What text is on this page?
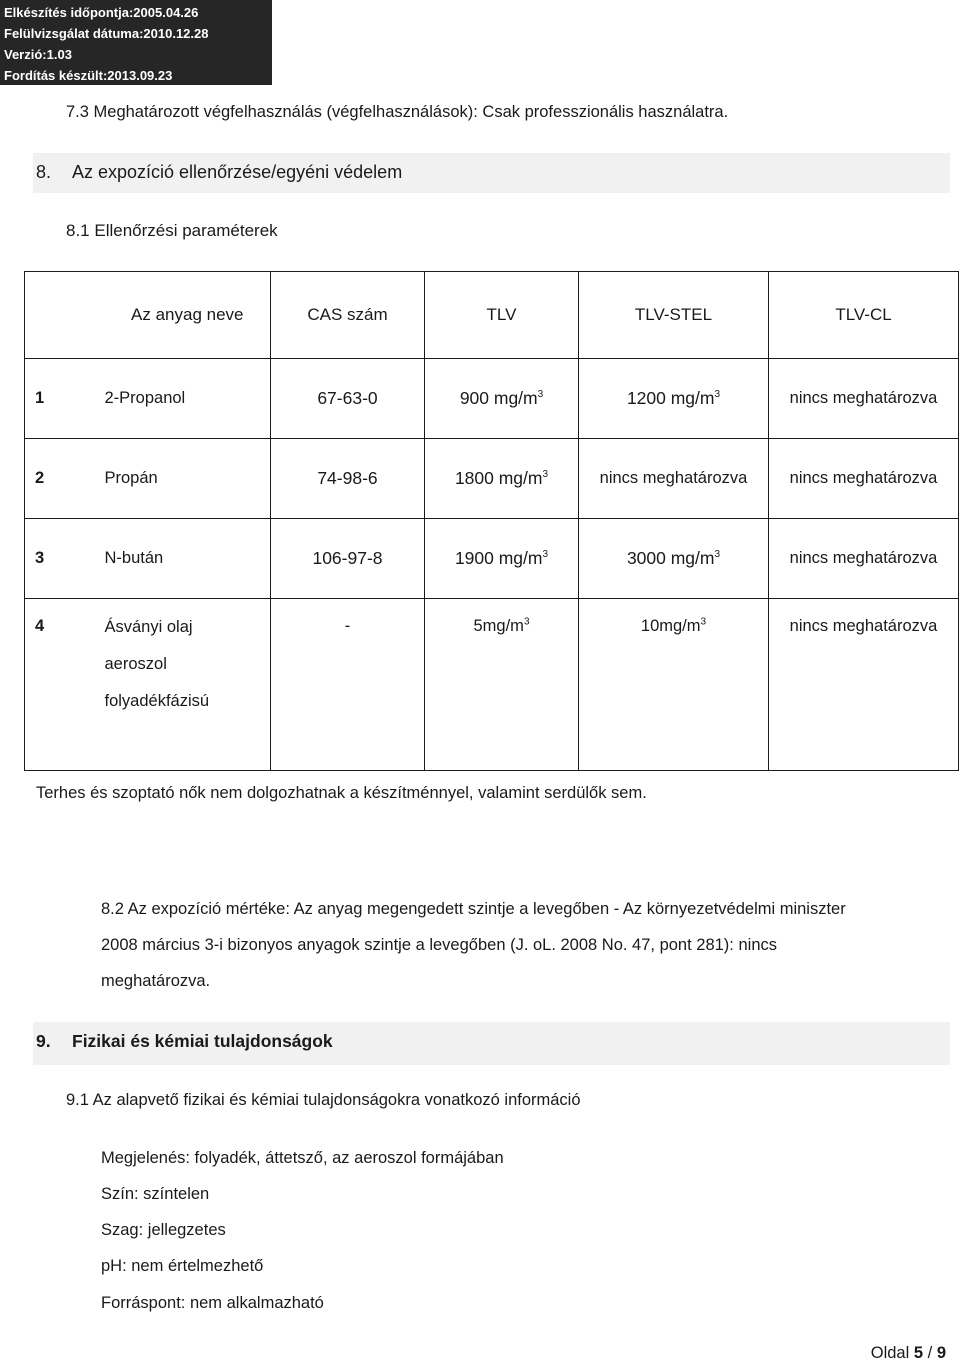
Elkészítés időpontja:2005.04.26
Felülvizsgálat dátuma:2010.12.28
Verzió:1.03
Fordítás készült:2013.09.23
7.3 Meghatározott végfelhasználás (végfelhasználások): Csak professzionális használatra.
8. Az expozíció ellenőrzése/egyéni védelem
8.1 Ellenőrzési paraméterek
	Az anyag neve	CAS szám	TLV	TLV-STEL	TLV-CL
1	2-Propanol	67-63-0	900 $mg/m^3$	1200 $mg/m^3$	nincs meghatározva
2	Propán	74-98-6	1800 $mg/m^3$	nincs meghatározva	nincs meghatározva
3	N-bután	106-97-8	1900 $mg/m^3$	3000 $mg/m^3$	nincs meghatározva
4	Ásványi olaj
aeroszol
folyadékfázisú	-	$5mg/m^3$	$10mg/m^3$	nincs meghatározva
Terhes és szoptató nők nem dolgozhatnak a készítménnyel, valamint serdülők sem.
8.2 Az expozíció mértéke: Az anyag megengedett szintje a levegőben - Az környezetvédelmi miniszter
2008 március 3-i bizonyos anyagok szintje a levegőben (J. oL. 2008 No. 47, pont 281): nincs
meghatározva.
9. Fizikai és kémiai tulajdonságok
9.1 Az alapvető fizikai és kémiai tulajdonságokra vonatkozó információ
Megjelenés: folyadék, áttetsző, az aeroszol formájában
Szín: színtelen
Szag: jellegzetes
pH: nem értelmezhető
Forráspont: nem alkalmazható
Oldal 5 / 9
